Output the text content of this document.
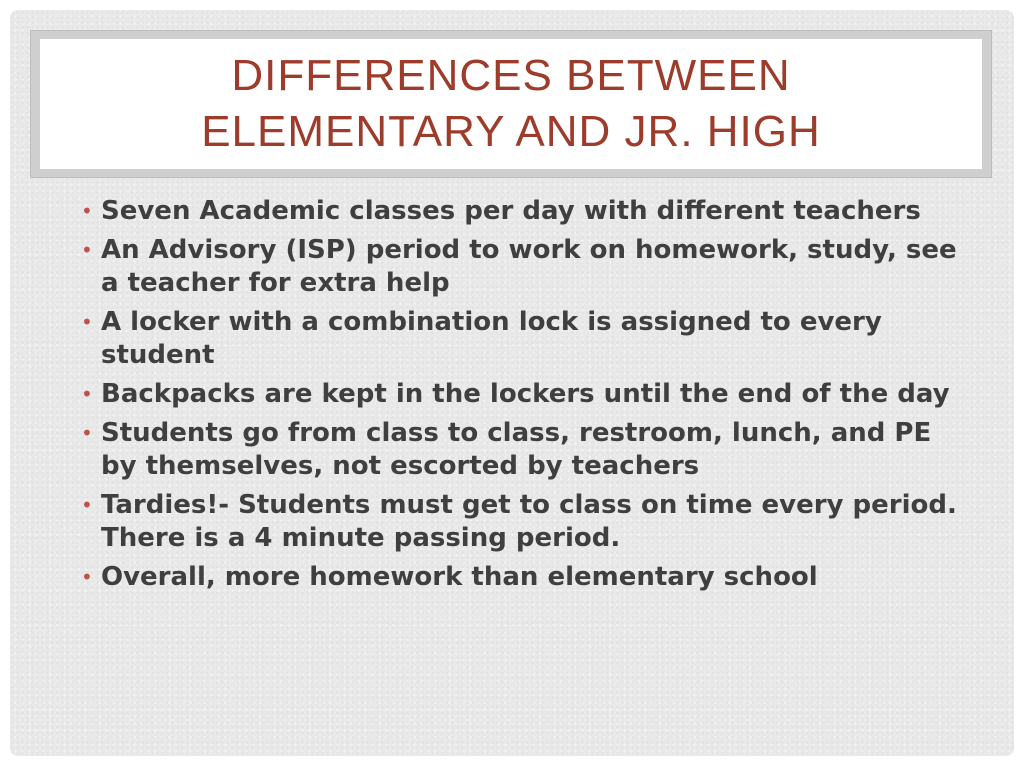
DIFFERENCES BETWEEN
ELEMENTARY AND JR. HIGH
• Seven Academic classes per day with different teachers
• An Advisory (ISP) period to work on homework, study, see a teacher for extra help
• A locker with a combination lock is assigned to every student
• Backpacks are kept in the lockers until the end of the day
• Students go from class to class, restroom, lunch, and PE by themselves, not escorted by teachers
• Tardies!- Students must get to class on time every period.  There is a 4 minute passing period.
• Overall, more homework than elementary school
